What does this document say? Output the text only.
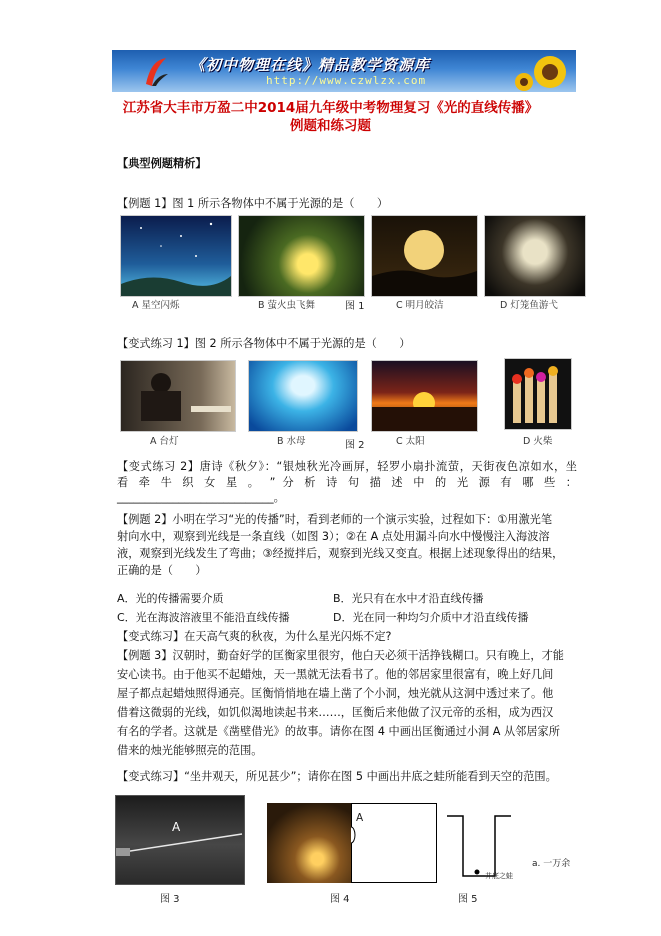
《初中物理在线》精品教学资源库
http://www.czwlzx.com
江苏省大丰市万盈二中2014届九年级中考物理复习《光的直线传播》
例题和练习题
【典型例题精析】
【例题 1】图 1 所示各物体中不属于光源的是（　　）
A 星空闪烁	B 萤火虫飞舞	图 1	C 明月皎洁	D 灯笼鱼游弋
【变式练习 1】图 2 所示各物体中不属于光源的是（　　）
A 台灯	B 水母	图 2	C 太阳	D 火柴
【变式练习 2】唐诗《秋夕》：“银烛秋光冷画屏，轻罗小扇扑流萤，天街夜色凉如水，坐
看 牵 牛 织 女 星 。 ” 分 析 诗 句 描 述 中 的 光 源 有 哪 些 ：
____________________________。
【例题 2】小明在学习“光的传播”时，看到老师的一个演示实验，过程如下：①用激光笔
射向水中，观察到光线是一条直线（如图 3）；②在 A 点处用漏斗向水中慢慢注入海波溶
液，观察到光线发生了弯曲；③经搅拌后，观察到光线又变直。根据上述现象得出的结果，
正确的是（　　）
A．光的传播需要介质	B．光只有在水中才沿直线传播
C．光在海波溶液里不能沿直线传播	D．光在同一种均匀介质中才沿直线传播
【变式练习】在天高气爽的秋夜，为什么星光闪烁不定?
【例题 3】汉朝时，勤奋好学的匡衡家里很穷，他白天必须干活挣钱糊口。只有晚上，才能
安心读书。由于他买不起蜡烛，天一黑就无法看书了。他的邻居家里很富有，晚上好几间
屋子都点起蜡烛照得通亮。匡衡悄悄地在墙上凿了个小洞，烛光就从这洞中透过来了。他
借着这微弱的光线，如饥似渴地读起书来……，匡衡后来他做了汉元帝的丞相，成为西汉
有名的学者。这就是《凿壁借光》的故事。请你在图 4 中画出匡衡通过小洞 A 从邻居家所
借来的烛光能够照亮的范围。
【变式练习】“坐井观天，所见甚少”；请你在图 5 中画出井底之蛙所能看到天空的范围。
A
图 3
A
图 4
井底之蛙
a. 一万余
图 5
